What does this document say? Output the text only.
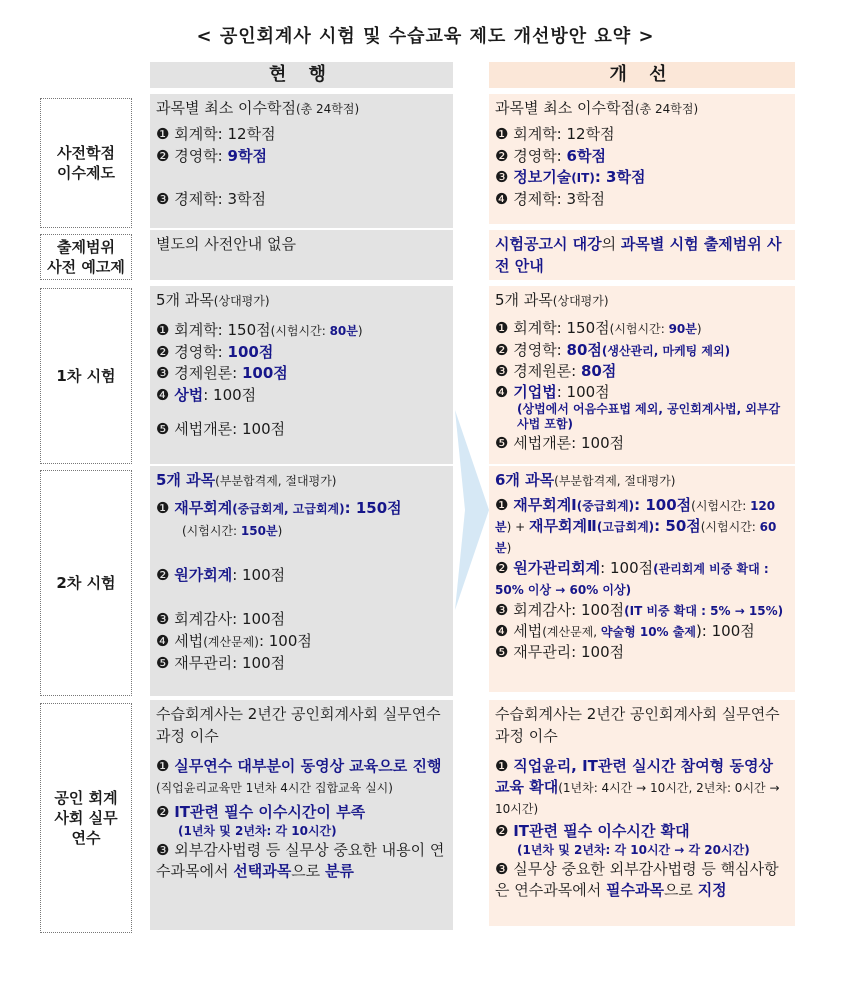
< 공인회계사 시험 및 수습교육 제도 개선방안 요약 >
현 행	개 선
사전학점 이수제도
출제범위
사전 예고제
1차 시험
2차 시험
공인 회계사회 실무연수
과목별 최소 이수학점(총 24학점)
❶ 회계학: 12학점
❷ 경영학: 9학점
❸ 경제학: 3학점
과목별 최소 이수학점(총 24학점)
❶ 회계학: 12학점
❷ 경영학: 6학점
❸ 정보기술(IT): 3학점
❹ 경제학: 3학점
별도의 사전안내 없음	시험공고시 대강의 과목별 시험 출제범위 사전 안내
5개 과목(상대평가)
❶ 회계학: 150점(시험시간: 80분)
❷ 경영학: 100점
❸ 경제원론: 100점
❹ 상법: 100점
❺ 세법개론: 100점
5개 과목(상대평가)
❶ 회계학: 150점(시험시간: 90분)
❷ 경영학: 80점(생산관리, 마케팅 제외)
❸ 경제원론: 80점
❹ 기업법: 100점
(상법에서 어음수표법 제외, 공인회계사법, 외부감사법 포함)
❺ 세법개론: 100점
5개 과목(부분합격제, 절대평가)
❶ 재무회계(중급회계, 고급회계): 150점
(시험시간: 150분)
❷ 원가회계: 100점
❸ 회계감사: 100점
❹ 세법(계산문제): 100점
❺ 재무관리: 100점
6개 과목(부분합격제, 절대평가)
❶ 재무회계Ⅰ(중급회계): 100점(시험시간: 120분) + 재무회계Ⅱ(고급회계): 50점(시험시간: 60분)
❷ 원가관리회계: 100점(관리회계 비중 확대 : 50% 이상 → 60% 이상)
❸ 회계감사: 100점(IT 비중 확대 : 5% → 15%)
❹ 세법(계산문제, 약술형 10% 출제): 100점
❺ 재무관리: 100점
수습회계사는 2년간 공인회계사회 실무연수과정 이수
❶ 실무연수 대부분이 동영상 교육으로 진행(직업윤리교육만 1년차 4시간 집합교육 실시)
❷ IT관련 필수 이수시간이 부족
(1년차 및 2년차: 각 10시간)
❸ 외부감사법령 등 실무상 중요한 내용이 연수과목에서 선택과목으로 분류
수습회계사는 2년간 공인회계사회 실무연수과정 이수
❶ 직업윤리, IT관련 실시간 참여형 동영상 교육 확대(1년차: 4시간 → 10시간, 2년차: 0시간 → 10시간)
❷ IT관련 필수 이수시간 확대
(1년차 및 2년차: 각 10시간 → 각 20시간)
❸ 실무상 중요한 외부감사법령 등 핵심사항은 연수과목에서 필수과목으로 지정
